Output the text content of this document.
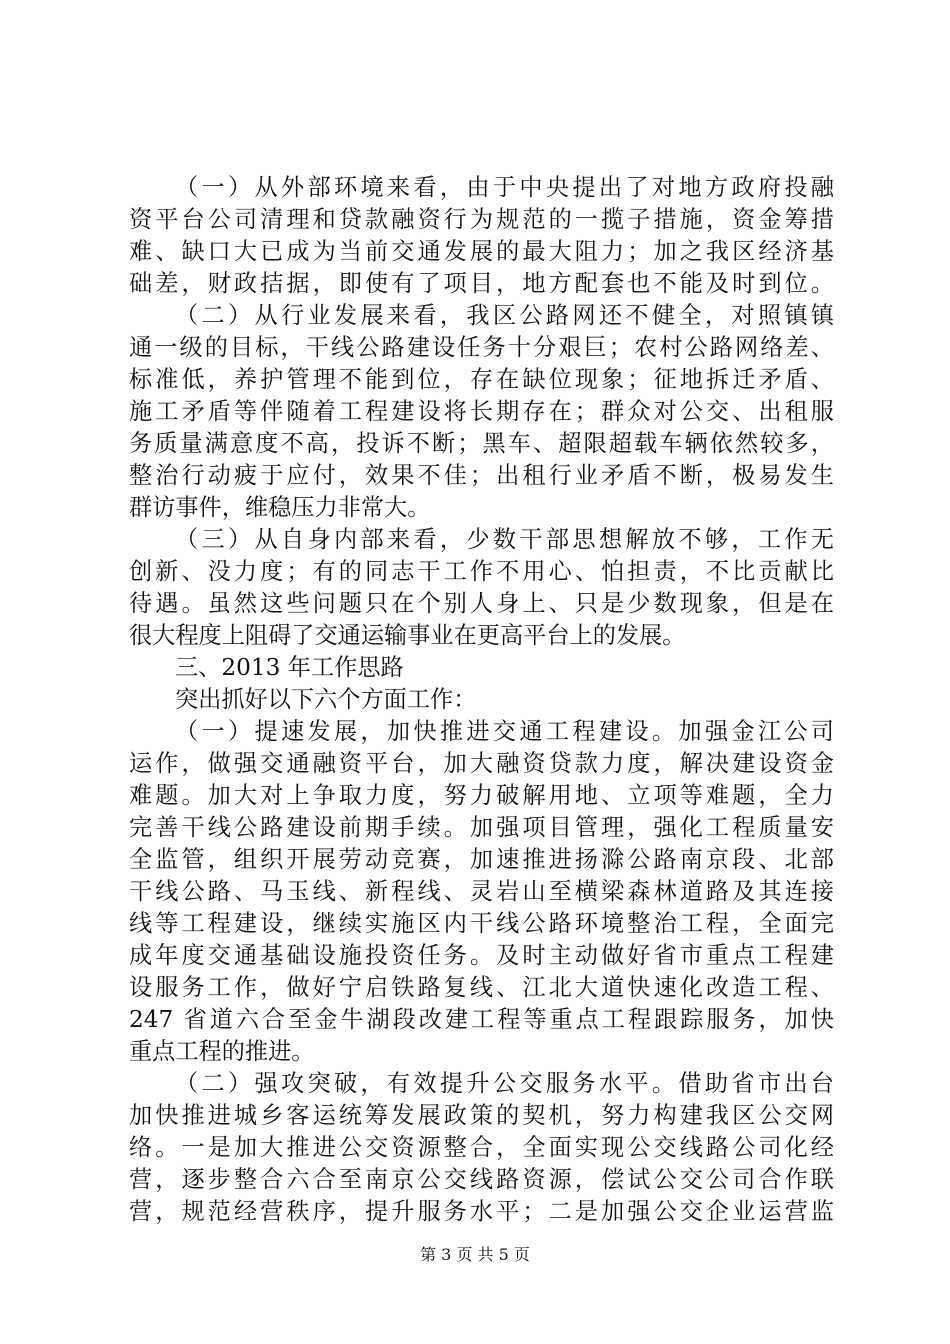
（一）从外部环境来看，由于中央提出了对地方政府投融
资平台公司清理和贷款融资行为规范的一揽子措施，资金筹措
难、缺口大已成为当前交通发展的最大阻力；加之我区经济基
础差，财政拮据，即使有了项目，地方配套也不能及时到位。
（二）从行业发展来看，我区公路网还不健全，对照镇镇
通一级的目标，干线公路建设任务十分艰巨；农村公路网络差、
标准低，养护管理不能到位，存在缺位现象；征地拆迁矛盾、
施工矛盾等伴随着工程建设将长期存在；群众对公交、出租服
务质量满意度不高，投诉不断；黑车、超限超载车辆依然较多，
整治行动疲于应付，效果不佳；出租行业矛盾不断，极易发生
群访事件，维稳压力非常大。
（三）从自身内部来看，少数干部思想解放不够，工作无
创新、没力度；有的同志干工作不用心、怕担责，不比贡献比
待遇。虽然这些问题只在个别人身上、只是少数现象，但是在
很大程度上阻碍了交通运输事业在更高平台上的发展。
三、2013 年工作思路
突出抓好以下六个方面工作：
（一）提速发展，加快推进交通工程建设。加强金江公司
运作，做强交通融资平台，加大融资贷款力度，解决建设资金
难题。加大对上争取力度，努力破解用地、立项等难题，全力
完善干线公路建设前期手续。加强项目管理，强化工程质量安
全监管，组织开展劳动竞赛，加速推进扬滁公路南京段、北部
干线公路、马玉线、新程线、灵岩山至横梁森林道路及其连接
线等工程建设，继续实施区内干线公路环境整治工程，全面完
成年度交通基础设施投资任务。及时主动做好省市重点工程建
设服务工作，做好宁启铁路复线、江北大道快速化改造工程、
247 省道六合至金牛湖段改建工程等重点工程跟踪服务，加快
重点工程的推进。
（二）强攻突破，有效提升公交服务水平。借助省市出台
加快推进城乡客运统筹发展政策的契机，努力构建我区公交网
络。一是加大推进公交资源整合，全面实现公交线路公司化经
营，逐步整合六合至南京公交线路资源，偿试公交公司合作联
营，规范经营秩序，提升服务水平；二是加强公交企业运营监
第 3 页 共 5 页
